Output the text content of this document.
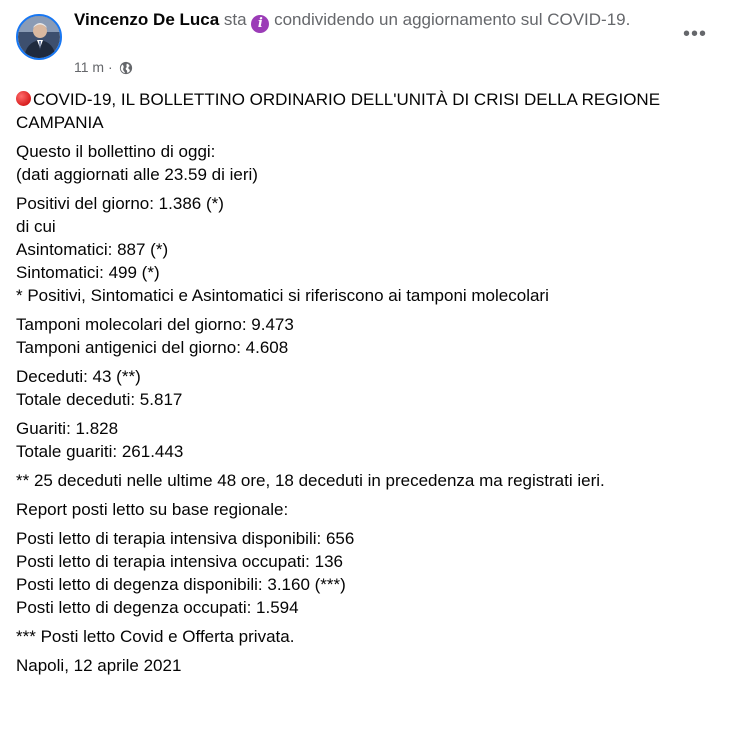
Vincenzo De Luca sta i condividendo un aggiornamento sul COVID-19.
11 m ·
•••

COVID-19, IL BOLLETTINO ORDINARIO DELL'UNITÀ DI CRISI DELLA REGIONE CAMPANIA

Questo il bollettino di oggi:
(dati aggiornati alle 23.59 di ieri)

Positivi del giorno: 1.386 (*)
di cui
Asintomatici: 887 (*)
Sintomatici: 499 (*)
* Positivi, Sintomatici e Asintomatici si riferiscono ai tamponi molecolari

Tamponi molecolari del giorno: 9.473
Tamponi antigenici del giorno: 4.608

Deceduti: 43 (**)
Totale deceduti: 5.817

Guariti: 1.828
Totale guariti: 261.443

** 25 deceduti nelle ultime 48 ore, 18 deceduti in precedenza ma registrati ieri.

Report posti letto su base regionale:

Posti letto di terapia intensiva disponibili: 656
Posti letto di terapia intensiva occupati: 136
Posti letto di degenza disponibili: 3.160 (***)
Posti letto di degenza occupati: 1.594

*** Posti letto Covid e Offerta privata.

Napoli, 12 aprile 2021
